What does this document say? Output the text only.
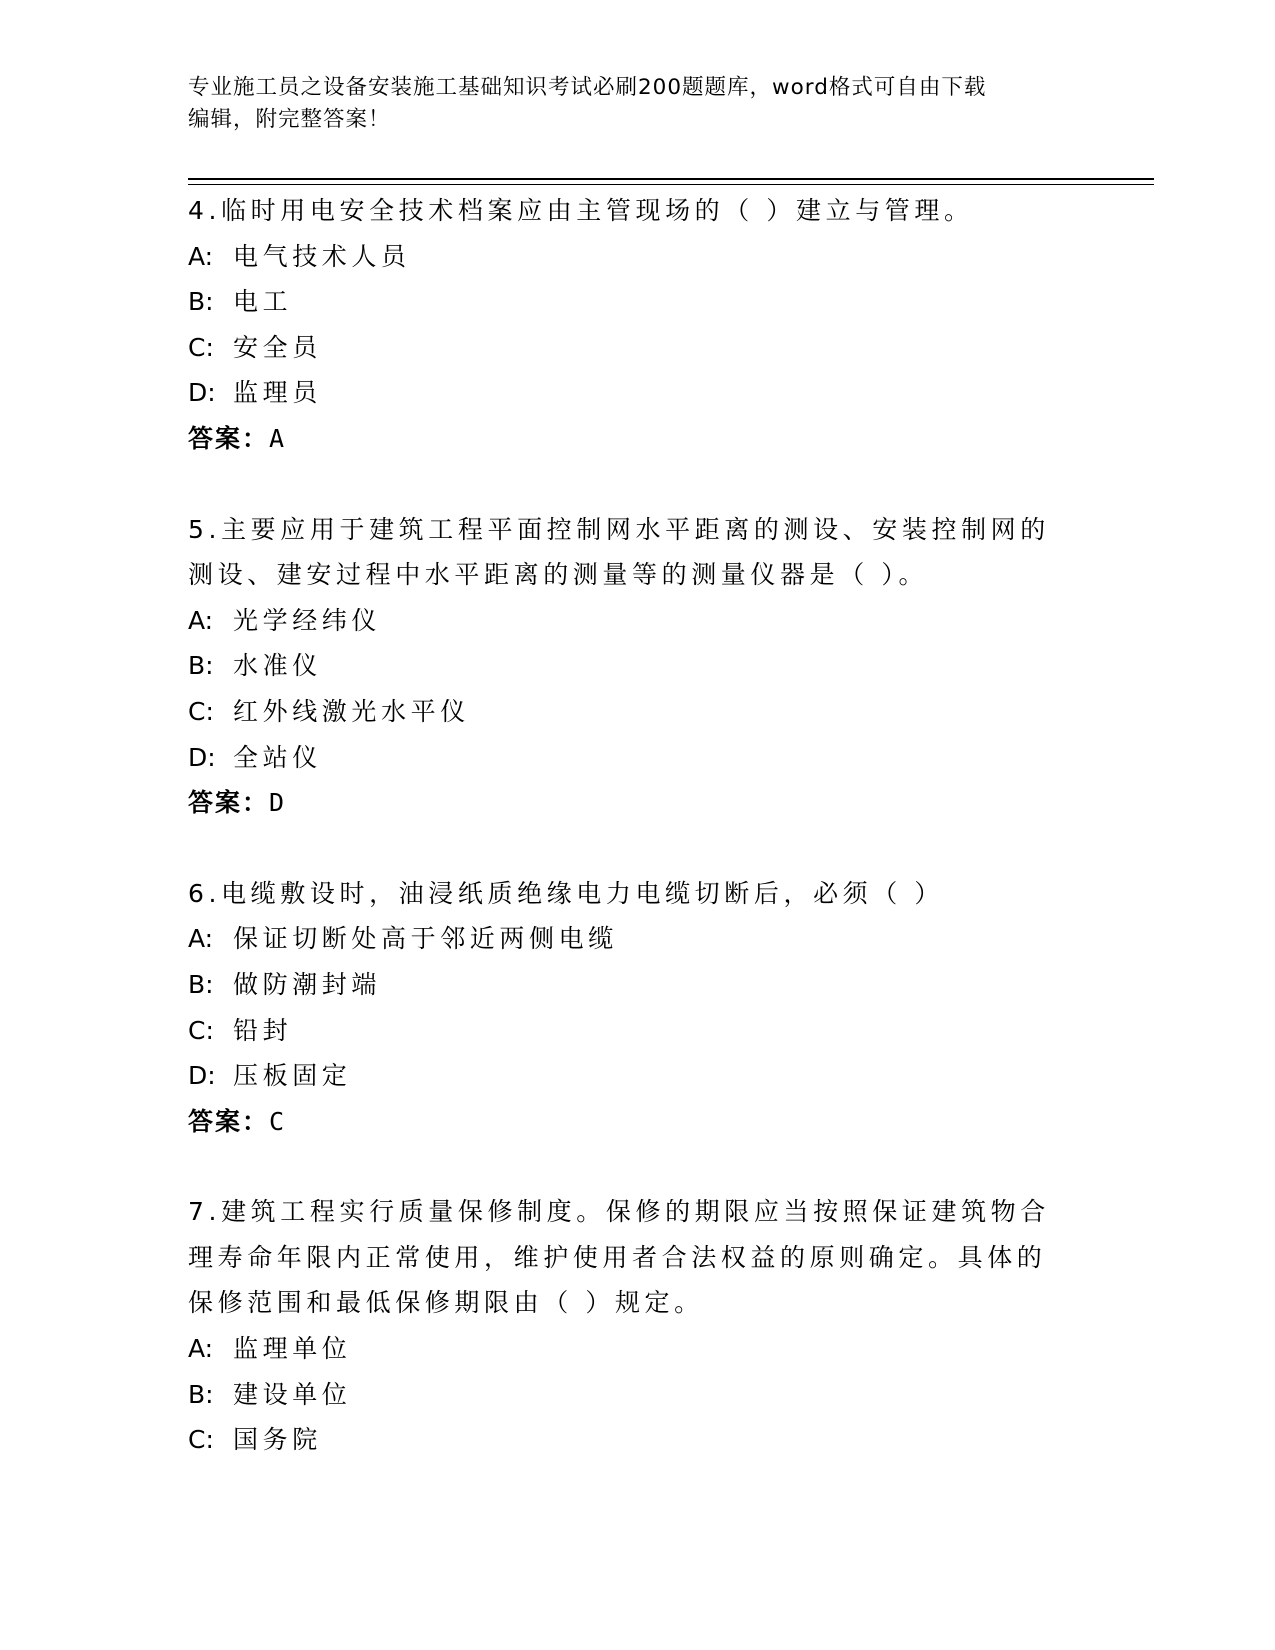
专业施工员之设备安装施工基础知识考试必刷200题题库，word格式可自由下载
编辑，附完整答案！
4.临时用电安全技术档案应由主管现场的（ ）建立与管理。
A: 电气技术人员
B: 电工
C: 安全员
D: 监理员
答案：A
5.主要应用于建筑工程平面控制网水平距离的测设、安装控制网的测设、建安过程中水平距离的测量等的测量仪器是（ ）。
A: 光学经纬仪
B: 水准仪
C: 红外线激光水平仪
D: 全站仪
答案：D
6.电缆敷设时，油浸纸质绝缘电力电缆切断后，必须（ ）
A: 保证切断处高于邻近两侧电缆
B: 做防潮封端
C: 铅封
D: 压板固定
答案：C
7.建筑工程实行质量保修制度。保修的期限应当按照保证建筑物合理寿命年限内正常使用，维护使用者合法权益的原则确定。具体的保修范围和最低保修期限由（ ）规定。
A: 监理单位
B: 建设单位
C: 国务院
